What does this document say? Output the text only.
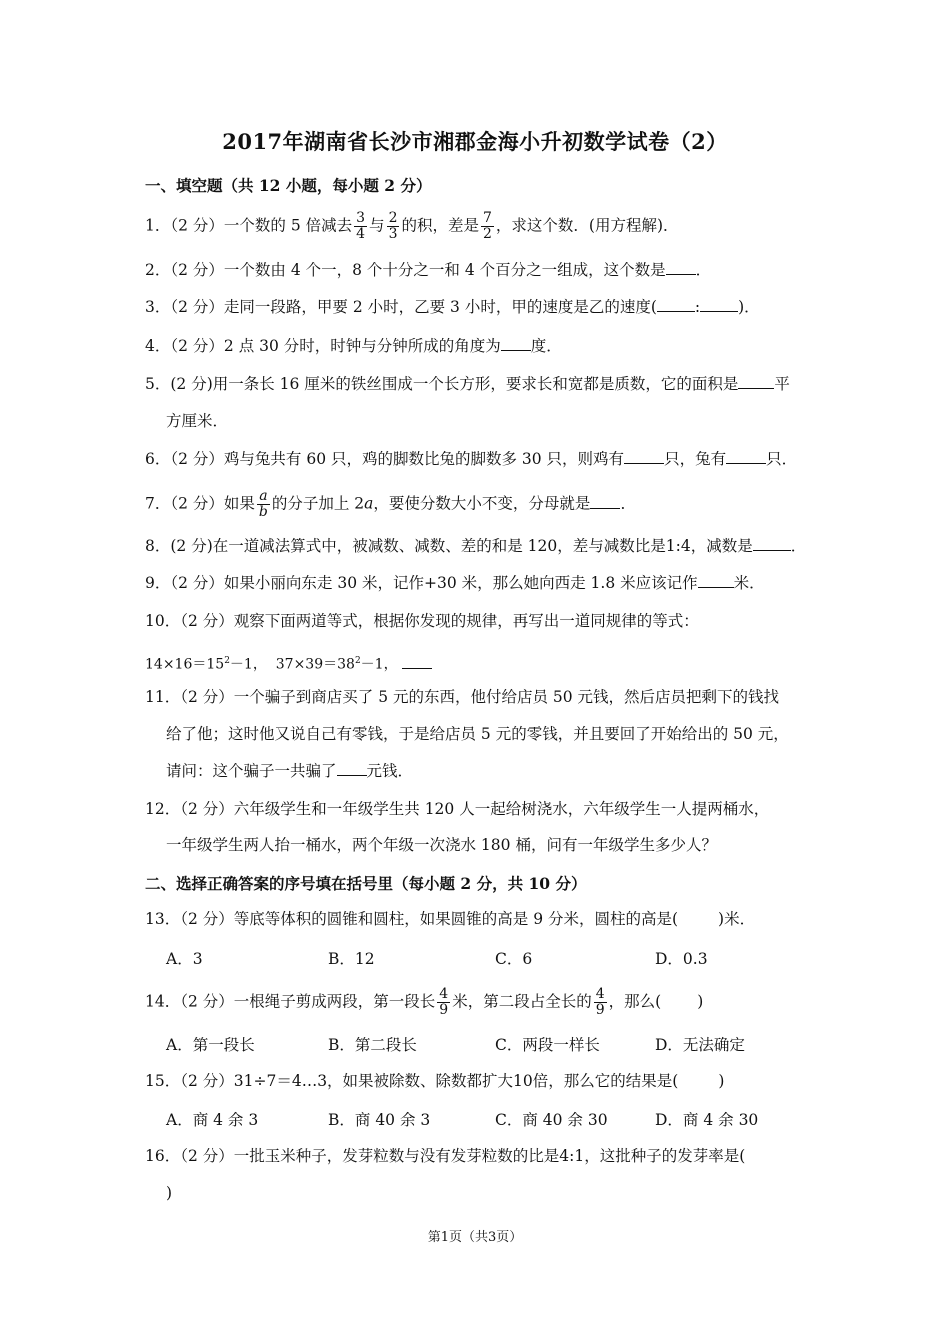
2017年湖南省长沙市湘郡金海小升初数学试卷（2）
一、填空题（共 12 小题，每小题 2 分）
1．（2 分）一个数的 5 倍减去 $\frac{3}{4}$ 与 $\frac{2}{3}$ 的积，差是 $\frac{7}{2}$ ，求这个数．(用方程解)．
2．（2 分）一个数由 4 个一，8 个十分之一和 4 个百分之一组成，这个数是 ．
3．（2 分）走同一段路，甲要 2 小时，乙要 3 小时，甲的速度是乙的速度( : )．
4．（2 分）2 点 30 分时，时钟与分钟所成的角度为 度．
5．(2 分)用一条长 16 厘米的铁丝围成一个长方形，要求长和宽都是质数，它的面积是 平
方厘米．
6．（2 分）鸡与兔共有 60 只，鸡的脚数比兔的脚数多 30 只，则鸡有	只，兔有	只．
7．（2 分）如果 $\frac{a}{b}$ 的分子加上 2a，要使分数大小不变，分母就是 ．
8．(2 分)在一道减法算式中，被减数、减数、差的和是 120，差与减数比是1:4，减数是 ．
9．（2 分）如果小丽向东走 30 米，记作+30 米，那么她向西走 1.8 米应该记作 米．
10．（2 分）观察下面两道等式，根据你发现的规律，再写出一道同规律的等式：
$14\times 16=15^2-1$， $37\times 39=38^2-1$，
11．（2 分）一个骗子到商店买了 5 元的东西，他付给店员 50 元钱，然后店员把剩下的钱找
给了他；这时他又说自己有零钱，于是给店员 5 元的零钱，并且要回了开始给出的 50 元，
请问：这个骗子一共骗了 元钱．
12．（2 分）六年级学生和一年级学生共 120 人一起给树浇水，六年级学生一人提两桶水，
一年级学生两人抬一桶水，两个年级一次浇水 180 桶，问有一年级学生多少人？
二、选择正确答案的序号填在括号里（每小题 2 分，共 10 分）
13．（2 分）等底等体积的圆锥和圆柱，如果圆锥的高是 9 分米，圆柱的高是(	)米．
A．3	B．12	C．6	D．0.3
14．（2 分）一根绳子剪成两段，第一段长 $\frac{4}{9}$ 米，第二段占全长的 $\frac{4}{9}$ ，那么( )
A．第一段长	B．第二段长	C．两段一样长	D．无法确定
15．（2 分）31÷7＝4…3，如果被除数、除数都扩大10倍，那么它的结果是(	)
A．商 4 余 3	B．商 40 余 3	C．商 40 余 30	D．商 4 余 30
16．（2 分）一批玉米种子，发芽粒数与没有发芽粒数的比是4:1，这批种子的发芽率是(
)
第1页（共3页）
